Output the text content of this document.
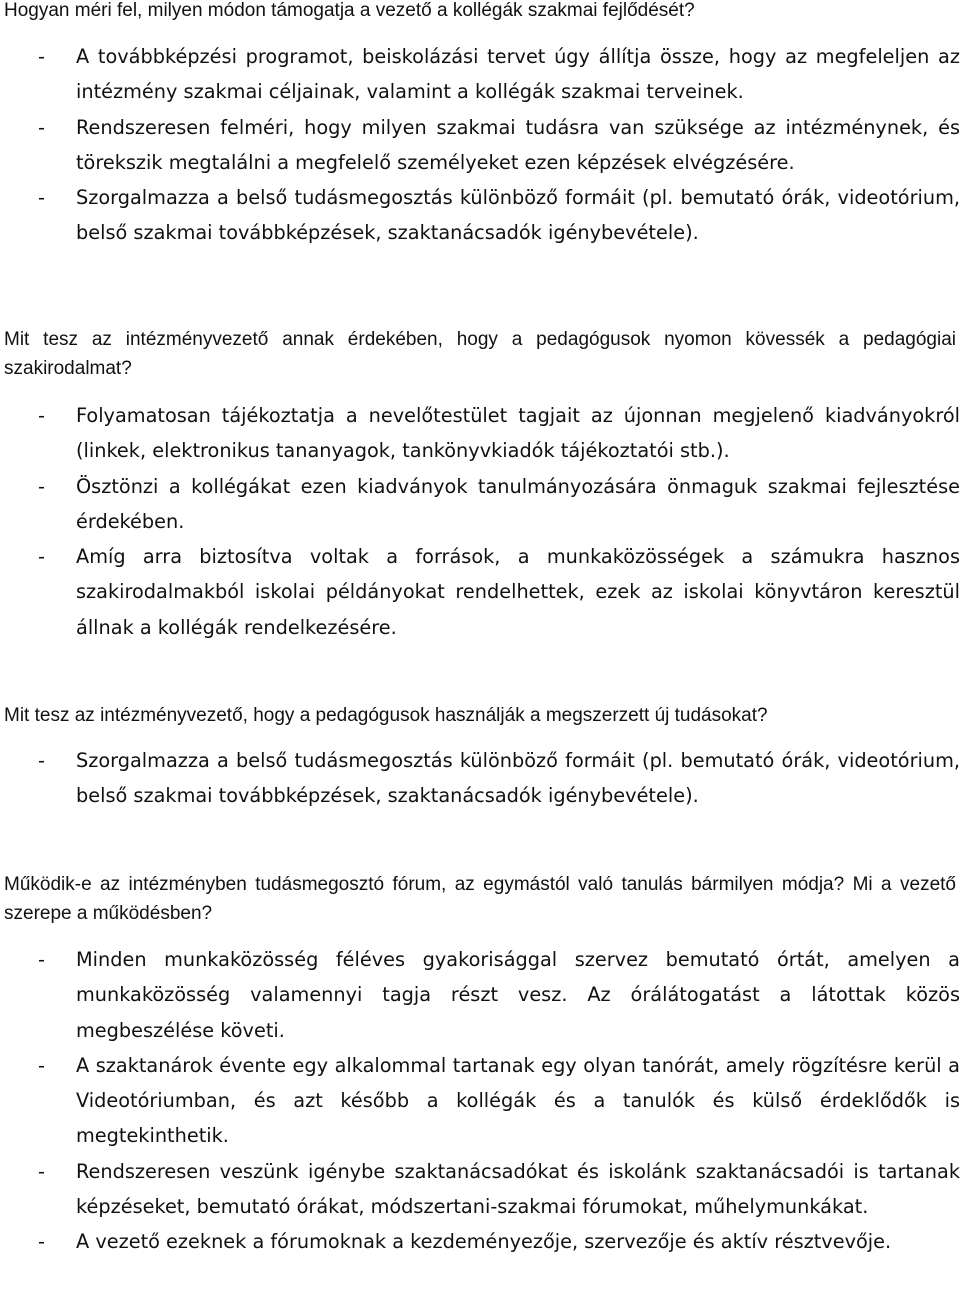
Hogyan méri fel, milyen módon támogatja a vezető a kollégák szakmai fejlődését?
- A továbbképzési programot, beiskolázási tervet úgy állítja össze, hogy az megfeleljen az intézmény szakmai céljainak, valamint a kollégák szakmai terveinek.
- Rendszeresen felméri, hogy milyen szakmai tudásra van szüksége az intézménynek, és törekszik megtalálni a megfelelő személyeket ezen képzések elvégzésére.
- Szorgalmazza a belső tudásmegosztás különböző formáit (pl. bemutató órák, videotórium, belső szakmai továbbképzések, szaktanácsadók igénybevétele).
Mit tesz az intézményvezető annak érdekében, hogy a pedagógusok nyomon kövessék a pedagógiai szakirodalmat?
- Folyamatosan tájékoztatja a nevelőtestület tagjait az újonnan megjelenő kiadványokról (linkek, elektronikus tananyagok, tankönyvkiadók tájékoztatói stb.).
- Ösztönzi a kollégákat ezen kiadványok tanulmányozására önmaguk szakmai fejlesztése érdekében.
- Amíg arra biztosítva voltak a források, a munkaközösségek a számukra hasznos szakirodalmakból iskolai példányokat rendelhettek, ezek az iskolai könyvtáron keresztül állnak a kollégák rendelkezésére.
Mit tesz az intézményvezető, hogy a pedagógusok használják a megszerzett új tudásokat?
- Szorgalmazza a belső tudásmegosztás különböző formáit (pl. bemutató órák, videotórium, belső szakmai továbbképzések, szaktanácsadók igénybevétele).
Működik-e az intézményben tudásmegosztó fórum, az egymástól való tanulás bármilyen módja? Mi a vezető szerepe a működésben?
- Minden munkaközösség féléves gyakorisággal szervez bemutató órtát, amelyen a munkaközösség valamennyi tagja részt vesz. Az órálátogatást a látottak közös megbeszélése követi.
- A szaktanárok évente egy alkalommal tartanak egy olyan tanórát, amely rögzítésre kerül a Videotóriumban, és azt később a kollégák és a tanulók és külső érdeklődők is megtekinthetik.
- Rendszeresen veszünk igénybe szaktanácsadókat és iskolánk szaktanácsadói is tartanak képzéseket, bemutató órákat, módszertani-szakmai fórumokat, műhelymunkákat.
- A vezető ezeknek a fórumoknak a kezdeményezője, szervezője és aktív résztvevője.
